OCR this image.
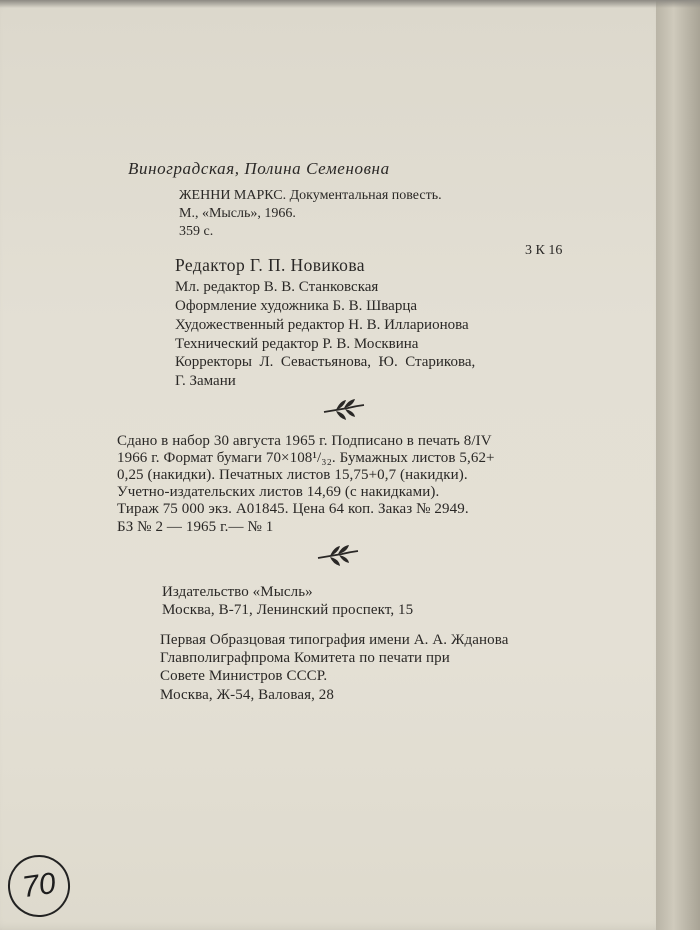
Виноградская, Полина Семеновна
ЖЕННИ МАРКС. Документальная повесть.
М., «Мысль», 1966.
359 с.
3 К 16
Редактор Г. П. Новикова
Мл. редактор В. В. Станковская
Оформление художника Б. В. Шварца
Художественный редактор Н. В. Илларионова
Технический редактор Р. В. Москвина
Корректоры  Л.  Севастьянова,  Ю.  Старикова,
Г. Замани
Сдано в набор 30 августа 1965 г. Подписано в печать 8/IV
1966 г. Формат бумаги 70×108¹/₃₂. Бумажных листов 5,62+
0,25 (накидки). Печатных листов 15,75+0,7 (накидки).
Учетно-издательских листов 14,69 (с накидками).
Тираж 75 000 экз. А01845. Цена 64 коп. Заказ № 2949.
БЗ № 2 — 1965 г.— № 1
Издательство «Мысль»
Москва, В-71, Ленинский проспект, 15
Первая Образцовая типография имени А. А. Жданова
Главполиграфпрома Комитета по печати при
Совете Министров СССР.
Москва, Ж-54, Валовая, 28
70
